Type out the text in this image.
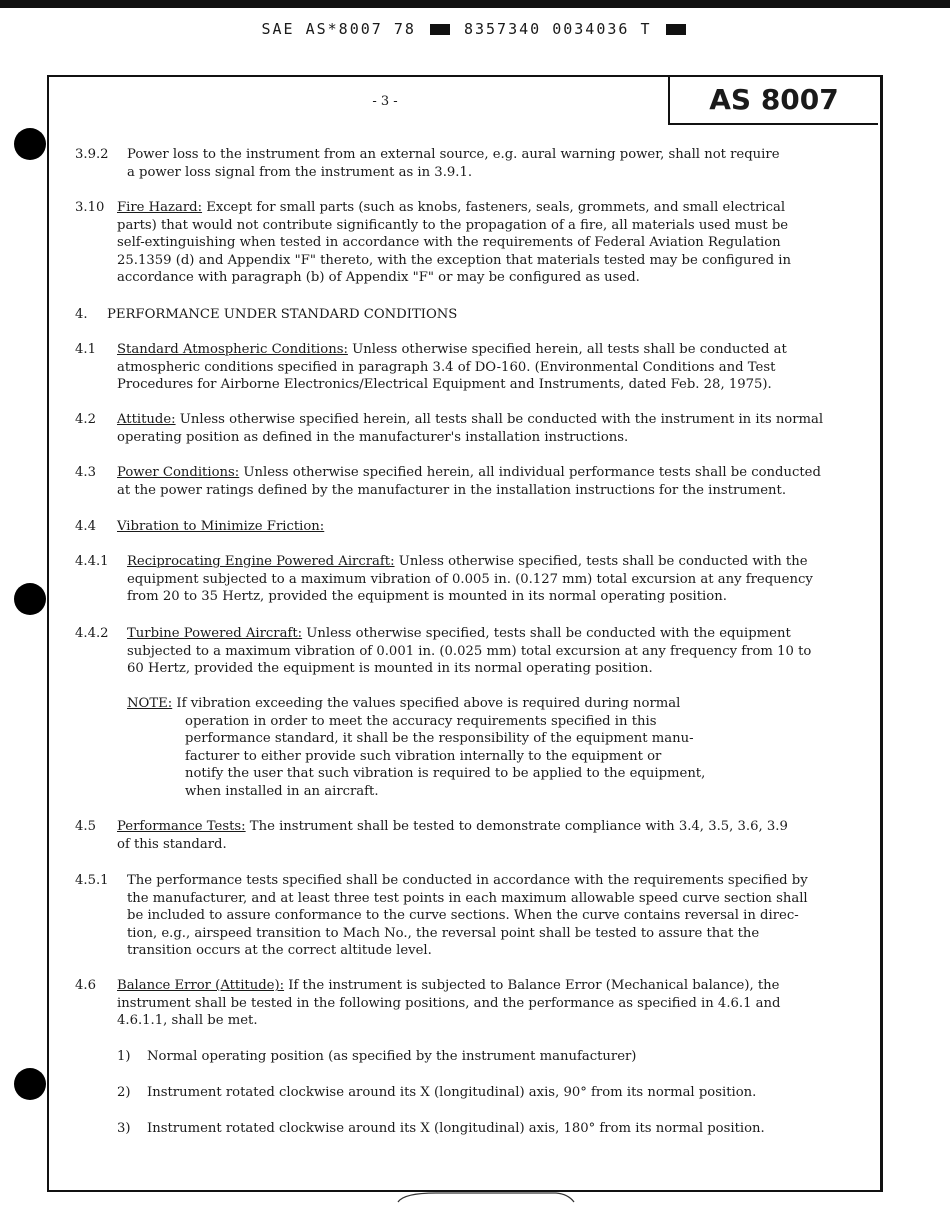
SAE AS*8007 78	8357340 0034036 T
AS 8007
- 3 -
3.9.2 Power loss to the instrument from an external source, e.g. aural warning power, shall not require
a power loss signal from the instrument as in 3.9.1.
3.10 Fire Hazard: Except for small parts (such as knobs, fasteners, seals, grommets, and small electrical
parts) that would not contribute significantly to the propagation of a fire, all materials used must be
self-extinguishing when tested in accordance with the requirements of Federal Aviation Regulation
25.1359 (d) and Appendix "F" thereto, with the exception that materials tested may be configured in
accordance with paragraph (b) of Appendix "F" or may be configured as used.
4. PERFORMANCE UNDER STANDARD CONDITIONS
4.1 Standard Atmospheric Conditions: Unless otherwise specified herein, all tests shall be conducted at
atmospheric conditions specified in paragraph 3.4 of DO-160. (Environmental Conditions and Test
Procedures for Airborne Electronics/Electrical Equipment and Instruments, dated Feb. 28, 1975).
4.2 Attitude: Unless otherwise specified herein, all tests shall be conducted with the instrument in its normal
operating position as defined in the manufacturer's installation instructions.
4.3 Power Conditions: Unless otherwise specified herein, all individual performance tests shall be conducted
at the power ratings defined by the manufacturer in the installation instructions for the instrument.
4.4 Vibration to Minimize Friction:
4.4.1 Reciprocating Engine Powered Aircraft: Unless otherwise specified, tests shall be conducted with the
equipment subjected to a maximum vibration of 0.005 in. (0.127 mm) total excursion at any frequency
from 20 to 35 Hertz, provided the equipment is mounted in its normal operating position.
4.4.2 Turbine Powered Aircraft: Unless otherwise specified, tests shall be conducted with the equipment
subjected to a maximum vibration of 0.001 in. (0.025 mm) total excursion at any frequency from 10 to
60 Hertz, provided the equipment is mounted in its normal operating position.
NOTE: If vibration exceeding the values specified above is required during normal
operation in order to meet the accuracy requirements specified in this
performance standard, it shall be the responsibility of the equipment manu-
facturer to either provide such vibration internally to the equipment or
notify the user that such vibration is required to be applied to the equipment,
when installed in an aircraft.
4.5 Performance Tests: The instrument shall be tested to demonstrate compliance with 3.4, 3.5, 3.6, 3.9
of this standard.
4.5.1 The performance tests specified shall be conducted in accordance with the requirements specified by
the manufacturer, and at least three test points in each maximum allowable speed curve section shall
be included to assure conformance to the curve sections. When the curve contains reversal in direc-
tion, e.g., airspeed transition to Mach No., the reversal point shall be tested to assure that the
transition occurs at the correct altitude level.
4.6 Balance Error (Attitude): If the instrument is subjected to Balance Error (Mechanical balance), the
instrument shall be tested in the following positions, and the performance as specified in 4.6.1 and
4.6.1.1, shall be met.
1) Normal operating position (as specified by the instrument manufacturer)
2) Instrument rotated clockwise around its X (longitudinal) axis, 90° from its normal position.
3) Instrument rotated clockwise around its X (longitudinal) axis, 180° from its normal position.
